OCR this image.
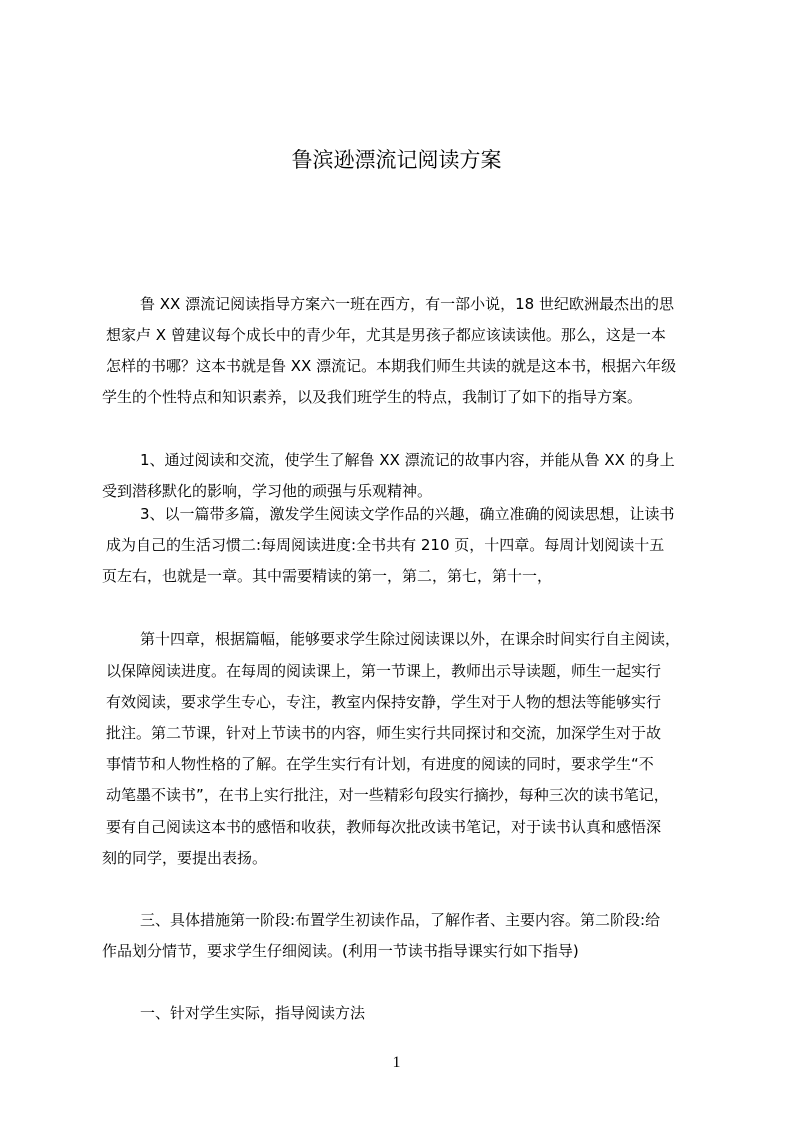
鲁滨逊漂流记阅读方案
鲁 XX 漂流记阅读指导方案六一班在西方，有一部小说，18 世纪欧洲最杰出的思
想家卢 X 曾建议每个成长中的青少年，尤其是男孩子都应该读读他。那么，这是一本
怎样的书哪？这本书就是鲁 XX 漂流记。本期我们师生共读的就是这本书，根据六年级
学生的个性特点和知识素养，以及我们班学生的特点，我制订了如下的指导方案。
1、通过阅读和交流，使学生了解鲁 XX 漂流记的故事内容，并能从鲁 XX 的身上
受到潜移默化的影响，学习他的顽强与乐观精神。
3、以一篇带多篇，激发学生阅读文学作品的兴趣，确立准确的阅读思想，让读书
成为自己的生活习惯二:每周阅读进度:全书共有 210 页，十四章。每周计划阅读十五
页左右，也就是一章。其中需要精读的第一，第二，第七，第十一，
第十四章，根据篇幅，能够要求学生除过阅读课以外，在课余时间实行自主阅读，
以保障阅读进度。在每周的阅读课上，第一节课上，教师出示导读题，师生一起实行
有效阅读，要求学生专心，专注，教室内保持安静，学生对于人物的想法等能够实行
批注。第二节课，针对上节读书的内容，师生实行共同探讨和交流，加深学生对于故
事情节和人物性格的了解。在学生实行有计划，有进度的阅读的同时，要求学生“不
动笔墨不读书”，在书上实行批注，对一些精彩句段实行摘抄，每种三次的读书笔记，
要有自己阅读这本书的感悟和收获，教师每次批改读书笔记，对于读书认真和感悟深
刻的同学，要提出表扬。
三、具体措施第一阶段:布置学生初读作品，了解作者、主要内容。第二阶段:给
作品划分情节，要求学生仔细阅读。(利用一节读书指导课实行如下指导)
一、针对学生实际，指导阅读方法
1
